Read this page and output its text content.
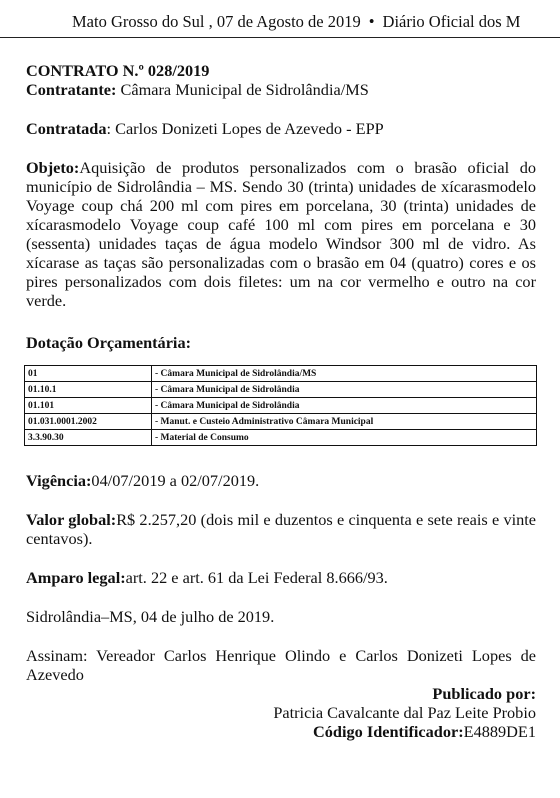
Mato Grosso do Sul , 07 de Agosto de 2019 • Diário Oficial dos M

CONTRATO N.º 028/2019

Contratante: Câmara Municipal de Sidrolândia/MS

Contratada: Carlos Donizeti Lopes de Azevedo - EPP

Objeto:Aquisição de produtos personalizados com o brasão oficial do município de Sidrolândia – MS. Sendo 30 (trinta) unidades de xícarasmodelo Voyage coup chá 200 ml com pires em porcelana, 30 (trinta) unidades de xícarasmodelo Voyage coup café 100 ml com pires em porcelana e 30 (sessenta) unidades taças de água modelo Windsor 300 ml de vidro. As xícarase as taças são personalizadas com o brasão em 04 (quatro) cores e os pires personalizados com dois filetes: um na cor vermelho e outro na cor verde.

Dotação Orçamentária:

01	- Câmara Municipal de Sidrolândia/MS
01.10.1	- Câmara Municipal de Sidrolândia
01.101	- Câmara Municipal de Sidrolândia
01.031.0001.2002	- Manut. e Custeio Administrativo Câmara Municipal
3.3.90.30	- Material de Consumo

Vigência:04/07/2019 a 02/07/2019.

Valor global:R$ 2.257,20 (dois mil e duzentos e cinquenta e sete reais e vinte centavos).

Amparo legal:art. 22 e art. 61 da Lei Federal 8.666/93.

Sidrolândia–MS, 04 de julho de 2019.

Assinam: Vereador Carlos Henrique Olindo e Carlos Donizeti Lopes de Azevedo

Publicado por:

Patricia Cavalcante dal Paz Leite Probio

Código Identificador:E4889DE1
